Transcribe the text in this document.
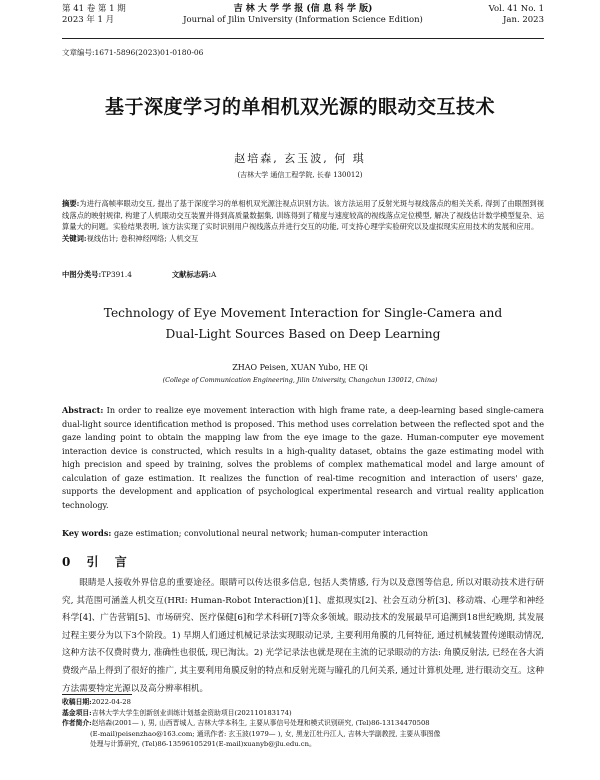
第 41 卷 第 1 期
2023 年 1 月
吉 林 大 学 学 报 (信 息 科 学 版)
Journal of Jilin University (Information Science Edition)
Vol. 41 No. 1
Jan. 2023
文章编号:1671-5896(2023)01-0180-06
基于深度学习的单相机双光源的眼动交互技术
赵培森, 玄玉波, 何 琪
(吉林大学 通信工程学院, 长春 130012)
摘要:为进行高帧率眼动交互, 提出了基于深度学习的单相机双光源注视点识别方法。该方法运用了反射光斑与视线落点的相关关系, 得到了由眼图到视线落点的映射规律, 构建了人机眼动交互装置并得到高质量数据集, 训练得到了精度与速度较高的视线落点定位模型, 解决了视线估计数学模型复杂、运算量大的问题。实验结果表明, 该方法实现了实时识别用户视线落点并进行交互的功能, 可支持心理学实验研究以及虚拟现实应用技术的发展和应用。
关键词:视线估计; 卷积神经网络; 人机交互
中图分类号:TP391.4	文献标志码:A
Technology of Eye Movement Interaction for Single-Camera and
Dual-Light Sources Based on Deep Learning
ZHAO Peisen, XUAN Yubo, HE Qi
(College of Communication Engineering, Jilin University, Changchun 130012, China)
Abstract: In order to realize eye movement interaction with high frame rate, a deep-learning based single-camera dual-light source identification method is proposed. This method uses correlation between the reflected spot and the gaze landing point to obtain the mapping law from the eye image to the gaze. Human-computer eye movement interaction device is constructed, which results in a high-quality dataset, obtains the gaze estimating model with high precision and speed by training, solves the problems of complex mathematical model and large amount of calculation of gaze estimation. It realizes the function of real-time recognition and interaction of users' gaze, supports the development and application of psychological experimental research and virtual reality application technology.
Key words: gaze estimation; convolutional neural network; human-computer interaction
0 引 言

眼睛是人接收外界信息的重要途径。眼睛可以传达很多信息, 包括人类情感, 行为以及意图等信息, 所以对眼动技术进行研究, 其范围可涵盖人机交互(HRI: Human-Robot Interaction)[1]、虚拟现实[2]、社会互动分析[3]、移动端、心理学和神经科学[4]、广告营销[5]、市场研究、医疗保健[6]和学术科研[7]等众多领域。眼动技术的发展最早可追溯到18世纪晚期, 其发展过程主要分为以下3个阶段。1) 早期人们通过机械记录法实现眼动记录, 主要利用角膜的几何特征, 通过机械装置传递眼动情况, 这种方法不仅费时费力, 准确性也很低, 现已淘汰。2) 光学记录法也就是现在主流的记录眼动的方法: 角膜反射法, 已经在各大消费级产品上得到了很好的推广, 其主要利用角膜反射的特点和反射光斑与瞳孔的几何关系, 通过计算机处理, 进行眼动交互。这种方法需要特定光源以及高分辨率相机。

收稿日期:2022-04-28
基金项目:吉林大学大学生创新创业训练计划基金资助项目(202110183174)
作者简介:赵培森(2001— ), 男, 山西晋城人, 吉林大学本科生, 主要从事信号处理和模式识别研究, (Tel)86-13134470508
(E-mail)peisenzhao@163.com; 通讯作者: 玄玉波(1979— ), 女, 黑龙江牡丹江人, 吉林大学副教授, 主要从事图像
处理与计算研究, (Tel)86-13596105291(E-mail)xuanyb@jlu.edu.cn。
